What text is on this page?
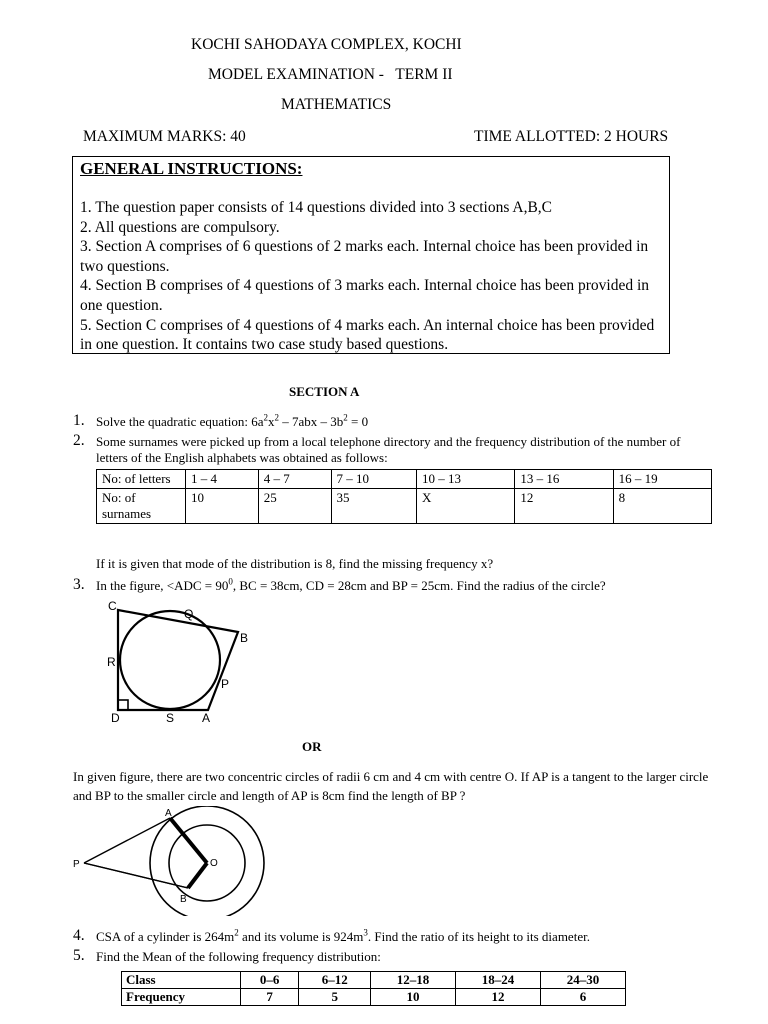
KOCHI SAHODAYA COMPLEX, KOCHI
MODEL EXAMINATION -   TERM II
MATHEMATICS
MAXIMUM MARKS: 40	TIME ALLOTTED: 2 HOURS
GENERAL INSTRUCTIONS:
1. The question paper consists of 14 questions divided into 3 sections A,B,C
2. All questions are compulsory.
3. Section A comprises of 6 questions of 2 marks each. Internal choice has been provided in two questions.
4. Section B comprises of 4 questions of 3 marks each. Internal choice has been provided in one question.
5. Section C comprises of 4 questions of 4 marks each. An internal choice has been provided in one question. It contains two case study based questions.
SECTION A
1. Solve the quadratic equation: $6a^2x^2 - 7abx - 3b^2 = 0$
2. Some surnames were picked up from a local telephone directory and the frequency distribution of the number of letters of the English alphabets was obtained as follows:
No: of letters	1 – 4	4 – 7	7 – 10	10 – 13	13 – 16	16 – 19
No: of surnames	10	25	35	X	12	8
If it is given that mode of the distribution is 8, find the missing frequency x?
3. In the figure, $<ADC = 90^0$, BC = 38cm, CD = 28cm and BP = 25cm. Find the radius of the circle?
C
Q
B
R
P
D	S A
OR
In given figure, there are two concentric circles of radii 6 cm and 4 cm with centre O. If AP is a tangent to the larger circle and BP to the smaller circle and length of AP is 8cm find the length of BP ?
A
P	O
B
4. CSA of a cylinder is $264m^2$ and its volume is $924m^3$. Find the ratio of its height to its diameter.
5. Find the Mean of the following frequency distribution:
Class	0–6	6–12	12–18	18–24	24–30
Frequency	7	5	10	12	6
